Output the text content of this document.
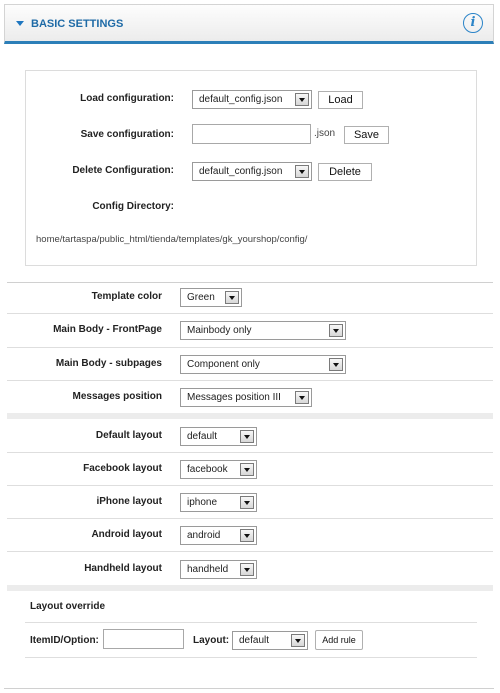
BASIC SETTINGS	i
Load configuration:	default_config.json	Load
Save configuration:	.json	Save
Delete Configuration:	default_config.json	Delete
Config Directory:
home/tartaspa/public_html/tienda/templates/gk_yourshop/config/
Template color	Green
Main Body - FrontPage	Mainbody only
Main Body - subpages	Component only
Messages position	Messages position III
Default layout	default
Facebook layout	facebook
iPhone layout	iphone
Android layout	android
Handheld layout	handheld
Layout override
ItemID/Option:	Layout: default	Add rule
